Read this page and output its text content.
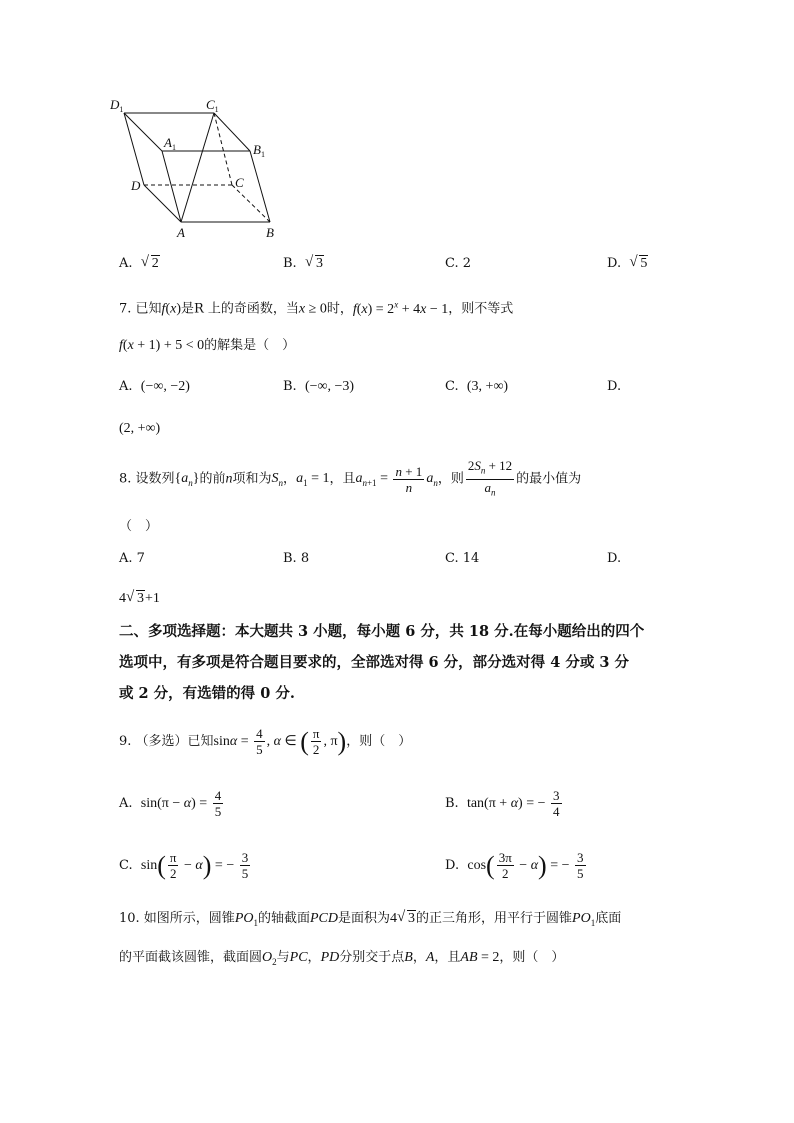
$D_1$	$C_1$
$A_1$	$B_1$
D	C
A	B
A. √ 2	B. √ 3	C. 2	D. √ 5
7. 已知f(x)是R 上的奇函数，当x ≥ 0时，$f(x) = 2^x + 4x - 1$，则不等式
f(x + 1) + 5 < 0的解集是（　）
A. (−∞, −2)	B. (−∞, −3)	C. (3, +∞)	D.
(2, +∞)
8. 设数列$\{a_n\}$的前n项和为$S_n$，$a_1 = 1$，且$a_{n+1} = \frac{n + 1}{n} a_n$，则 $\frac{2S_n + 12}{a_n}$ 的最小值为
（　）
A. 7	B. 8	C. 14	D.
4 √ 3+1
二、多项选择题：本大题共 3 小题，每小题 6 分，共 18 分.在每小题给出的四个
选项中，有多项是符合题目要求的，全部选对得 6 分，部分选对得 4 分或 3 分
或 2 分，有选错的得 0 分.
9. （多选）已知$\sin\alpha = \frac{4}{5}$ , α ∈ ( $\frac{\pi}{2}$ , π)，则（　）
A. $\sin(\pi - \alpha) = \frac{4}{5}$	B. tan(π + α) = − $\frac{3}{4}$
C. $\sin( \frac{\pi}{2} - \alpha)$ = − $\frac{3}{5}$	D. $\cos( \frac{3\pi}{2} - \alpha)$ = − $\frac{3}{5}$
10. 如图所示，圆锥$PO_1$的轴截面PCD是面积为4 √ 3的正三角形，用平行于圆锥$PO_1$底面
的平面截该圆锥，截面圆$O_2$与PC，PD分别交于点B，A，且AB = 2，则（　）
